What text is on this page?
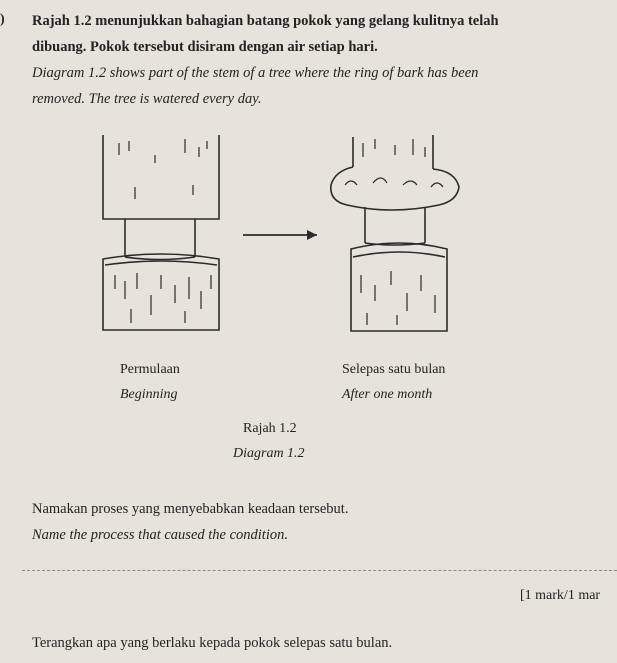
) Rajah 1.2 menunjukkan bahagian batang pokok yang gelang kulitnya telah
dibuang. Pokok tersebut disiram dengan air setiap hari.
Diagram 1.2 shows part of the stem of a tree where the ring of bark has been
removed. The tree is watered every day.
Permulaan
Beginning
Selepas satu bulan
After one month
Rajah 1.2
Diagram 1.2
Namakan proses yang menyebabkan keadaan tersebut.
Name the process that caused the condition.
[1 mark/1 mar
Terangkan apa yang berlaku kepada pokok selepas satu bulan.
